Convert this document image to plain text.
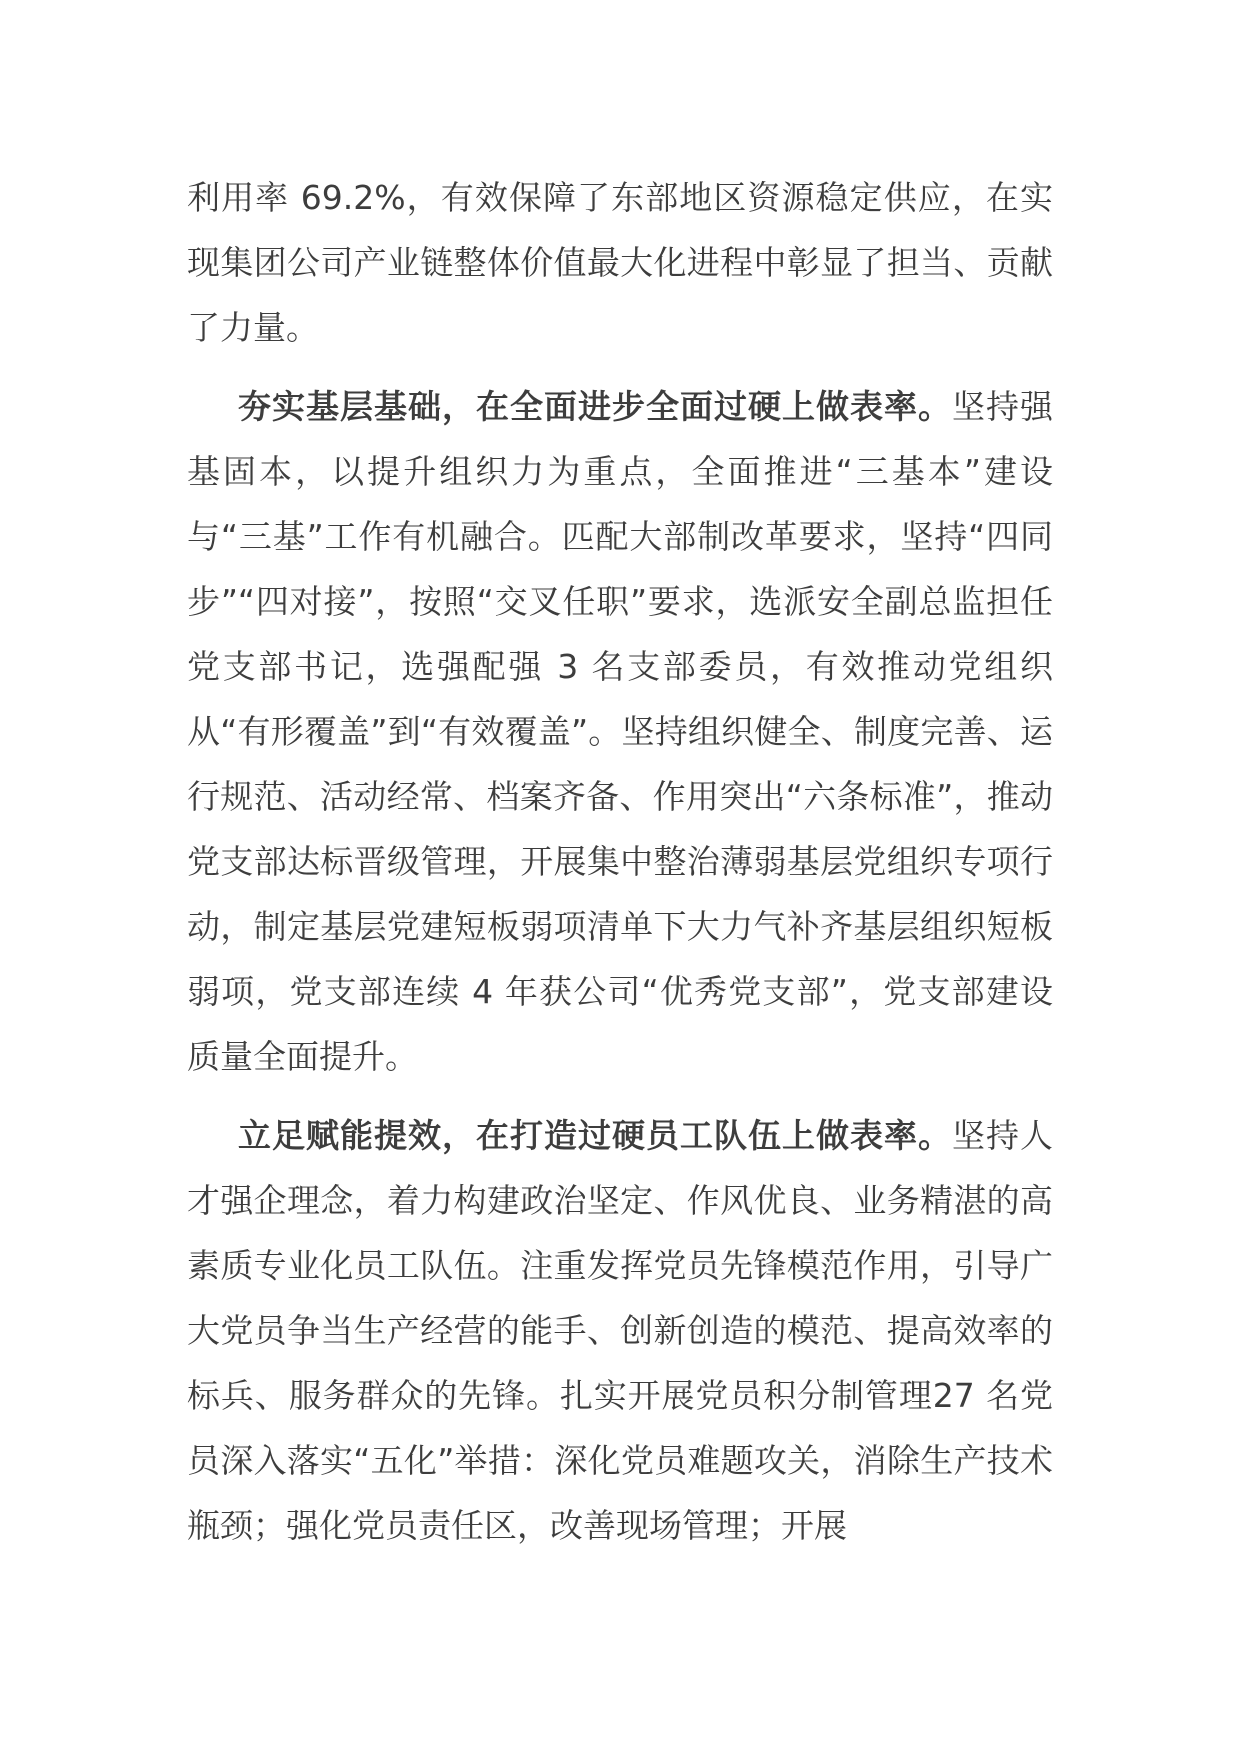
利用率 69.2%，有效保障了东部地区资源稳定供应，在实现集团公司产业链整体价值最大化进程中彰显了担当、贡献了力量。

夯实基层基础，在全面进步全面过硬上做表率。坚持强基固本，以提升组织力为重点，全面推进“三基本”建设与“三基”工作有机融合。匹配大部制改革要求，坚持“四同步”“四对接”，按照“交叉任职”要求，选派安全副总监担任党支部书记，选强配强 3 名支部委员，有效推动党组织从“有形覆盖”到“有效覆盖”。坚持组织健全、制度完善、运行规范、活动经常、档案齐备、作用突出“六条标准”，推动党支部达标晋级管理，开展集中整治薄弱基层党组织专项行动，制定基层党建短板弱项清单下大力气补齐基层组织短板弱项，党支部连续 4 年获公司“优秀党支部”，党支部建设质量全面提升。

立足赋能提效，在打造过硬员工队伍上做表率。坚持人才强企理念，着力构建政治坚定、作风优良、业务精湛的高素质专业化员工队伍。注重发挥党员先锋模范作用，引导广大党员争当生产经营的能手、创新创造的模范、提高效率的标兵、服务群众的先锋。扎实开展党员积分制管理27 名党员深入落实“五化”举措：深化党员难题攻关，消除生产技术瓶颈；强化党员责任区，改善现场管理；开展
